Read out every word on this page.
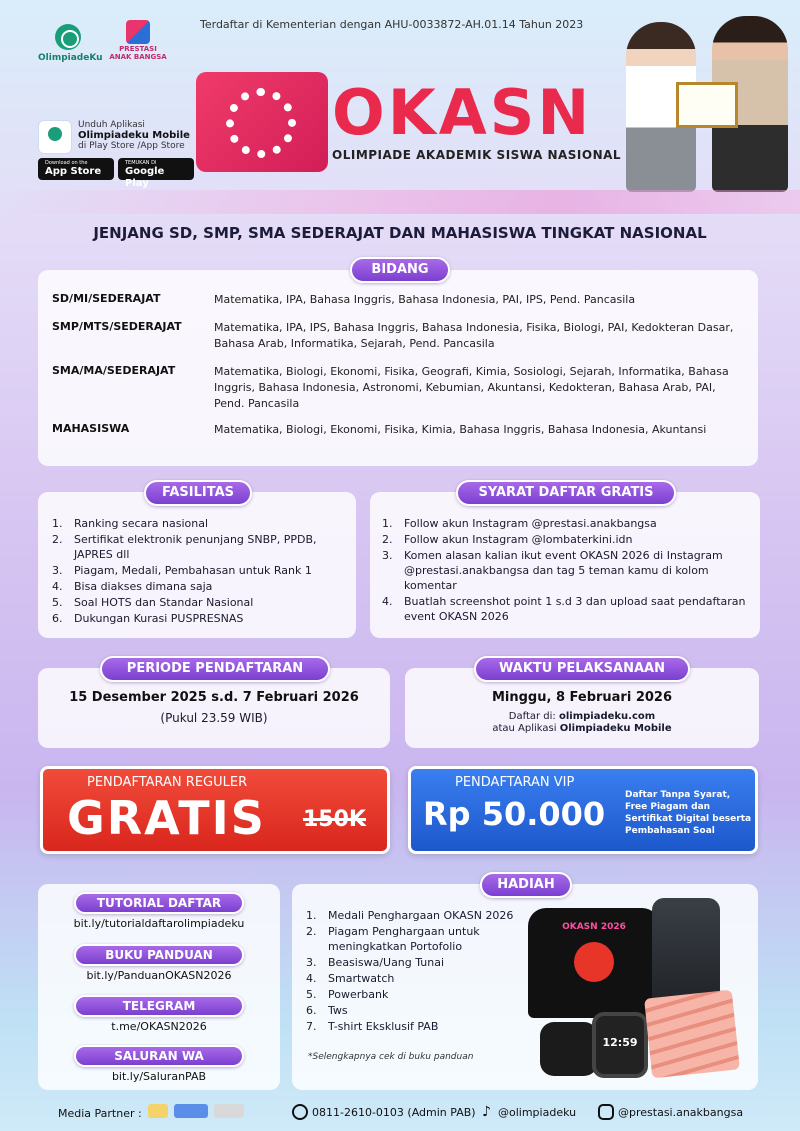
OlimpiadeKu
PRESTASI
ANAK BANGSA
Terdaftar di Kementerian dengan AHU-0033872-AH.01.14 Tahun 2023
Unduh Aplikasi
Olimpiadeku Mobile
di Play Store /App Store
Download on the
App Store
TEMUKAN DI
Google Play
OKASN
OLIMPIADE AKADEMIK SISWA NASIONAL
JENJANG SD, SMP, SMA SEDERAJAT DAN MAHASISWA TINGKAT NASIONAL
SD/MI/SEDERAJAT	Matematika, IPA, Bahasa Inggris, Bahasa Indonesia, PAI, IPS, Pend. Pancasila
SMP/MTS/SEDERAJAT	Matematika, IPA, IPS, Bahasa Inggris, Bahasa Indonesia, Fisika, Biologi, PAI, Kedokteran Dasar, Bahasa Arab, Informatika, Sejarah, Pend. Pancasila
SMA/MA/SEDERAJAT	Matematika, Biologi, Ekonomi, Fisika, Geografi, Kimia, Sosiologi, Sejarah, Informatika, Bahasa Inggris, Bahasa Indonesia, Astronomi, Kebumian, Akuntansi, Kedokteran, Bahasa Arab, PAI, Pend. Pancasila
MAHASISWA	Matematika, Biologi, Ekonomi, Fisika, Kimia, Bahasa Inggris, Bahasa Indonesia, Akuntansi
BIDANG
1. Ranking secara nasional
2. Sertifikat elektronik penunjang SNBP, PPDB, JAPRES dll
3. Piagam, Medali, Pembahasan untuk Rank 1
4. Bisa diakses dimana saja
5. Soal HOTS dan Standar Nasional
6. Dukungan Kurasi PUSPRESNAS
FASILITAS
1. Follow akun Instagram @prestasi.anakbangsa
2. Follow akun Instagram @lombaterkini.idn
3. Komen alasan kalian ikut event OKASN 2026 di Instagram @prestasi.anakbangsa dan tag 5 teman kamu di kolom komentar
4. Buatlah screenshot point 1 s.d 3 dan upload saat pendaftaran event OKASN 2026
SYARAT DAFTAR GRATIS
15 Desember 2025 s.d. 7 Februari 2026
(Pukul 23.59 WIB)
PERIODE PENDAFTARAN
Minggu, 8 Februari 2026
Daftar di: olimpiadeku.com
atau Aplikasi Olimpiadeku Mobile
WAKTU PELAKSANAAN
PENDAFTARAN REGULER
GRATIS 150K
PENDAFTARAN VIP
Rp 50.000 Daftar Tanpa Syarat, Free Piagam dan Sertifikat Digital beserta Pembahasan Soal
TUTORIAL DAFTAR
bit.ly/tutorialdaftarolimpiadeku
BUKU PANDUAN
bit.ly/PanduanOKASN2026
TELEGRAM
t.me/OKASN2026
SALURAN WA
bit.ly/SaluranPAB
1. Medali Penghargaan OKASN 2026
2. Piagam Penghargaan untuk meningkatkan Portofolio
3. Beasiswa/Uang Tunai
4. Smartwatch
5. Powerbank
6. Tws
7. T-shirt Eksklusif PAB
*Selengkapnya cek di buku panduan
OKASN 2026
12:59
HADIAH
Media Partner :	0811-2610-0103 (Admin PAB) ♪ @olimpiadeku	@prestasi.anakbangsa
